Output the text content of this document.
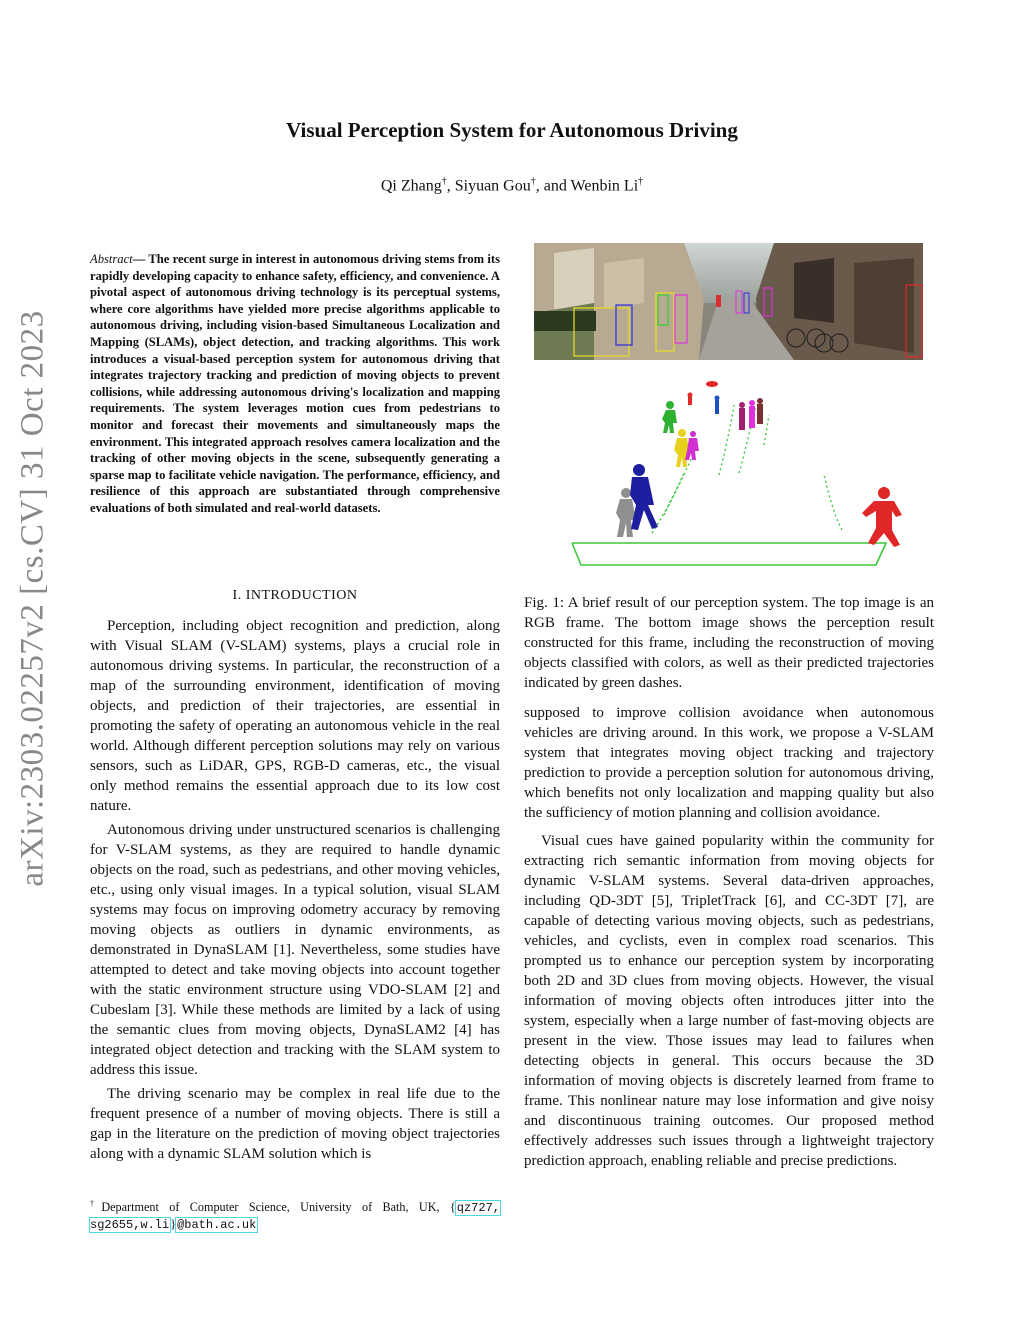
Visual Perception System for Autonomous Driving
Qi Zhang†, Siyuan Gou†, and Wenbin Li†
arXiv:2303.02257v2 [cs.CV] 31 Oct 2023
Abstract— The recent surge in interest in autonomous driving stems from its rapidly developing capacity to enhance safety, efficiency, and convenience. A pivotal aspect of autonomous driving technology is its perceptual systems, where core algorithms have yielded more precise algorithms applicable to autonomous driving, including vision-based Simultaneous Localization and Mapping (SLAMs), object detection, and tracking algorithms. This work introduces a visual-based perception system for autonomous driving that integrates trajectory tracking and prediction of moving objects to prevent collisions, while addressing autonomous driving's localization and mapping requirements. The system leverages motion cues from pedestrians to monitor and forecast their movements and simultaneously maps the environment. This integrated approach resolves camera localization and the tracking of other moving objects in the scene, subsequently generating a sparse map to facilitate vehicle navigation. The performance, efficiency, and resilience of this approach are substantiated through comprehensive evaluations of both simulated and real-world datasets.
I. INTRODUCTION

Perception, including object recognition and prediction, along with Visual SLAM (V-SLAM) systems, plays a crucial role in autonomous driving systems. In particular, the reconstruction of a map of the surrounding environment, identification of moving objects, and prediction of their trajectories, are essential in promoting the safety of operating an autonomous vehicle in the real world. Although different perception solutions may rely on various sensors, such as LiDAR, GPS, RGB-D cameras, etc., the visual only method remains the essential approach due to its low cost nature.

Autonomous driving under unstructured scenarios is challenging for V-SLAM systems, as they are required to handle dynamic objects on the road, such as pedestrians, and other moving vehicles, etc., using only visual images. In a typical solution, visual SLAM systems may focus on improving odometry accuracy by removing moving objects as outliers in dynamic environments, as demonstrated in DynaSLAM [1]. Nevertheless, some studies have attempted to detect and take moving objects into account together with the static environment structure using VDO-SLAM [2] and Cubeslam [3]. While these methods are limited by a lack of using the semantic clues from moving objects, DynaSLAM2 [4] has integrated object detection and tracking with the SLAM system to address this issue.

The driving scenario may be complex in real life due to the frequent presence of a number of moving objects. There is still a gap in the literature on the prediction of moving object trajectories along with a dynamic SLAM solution which is

†Department of Computer Science, University of Bath, UK, {qz727, sg2655,w.li}@bath.ac.uk
Fig. 1: A brief result of our perception system. The top image is an RGB frame. The bottom image shows the perception result constructed for this frame, including the reconstruction of moving objects classified with colors, as well as their predicted trajectories indicated by green dashes.

supposed to improve collision avoidance when autonomous vehicles are driving around. In this work, we propose a V-SLAM system that integrates moving object tracking and trajectory prediction to provide a perception solution for autonomous driving, which benefits not only localization and mapping quality but also the sufficiency of motion planning and collision avoidance.

Visual cues have gained popularity within the community for extracting rich semantic information from moving objects for dynamic V-SLAM systems. Several data-driven approaches, including QD-3DT [5], TripletTrack [6], and CC-3DT [7], are capable of detecting various moving objects, such as pedestrians, vehicles, and cyclists, even in complex road scenarios. This prompted us to enhance our perception system by incorporating both 2D and 3D clues from moving objects. However, the visual information of moving objects often introduces jitter into the system, especially when a large number of fast-moving objects are present in the view. Those issues may lead to failures when detecting objects in general. This occurs because the 3D information of moving objects is discretely learned from frame to frame. This nonlinear nature may lose information and give noisy and discontinuous training outcomes. Our proposed method effectively addresses such issues through a lightweight trajectory prediction approach, enabling reliable and precise predictions.
